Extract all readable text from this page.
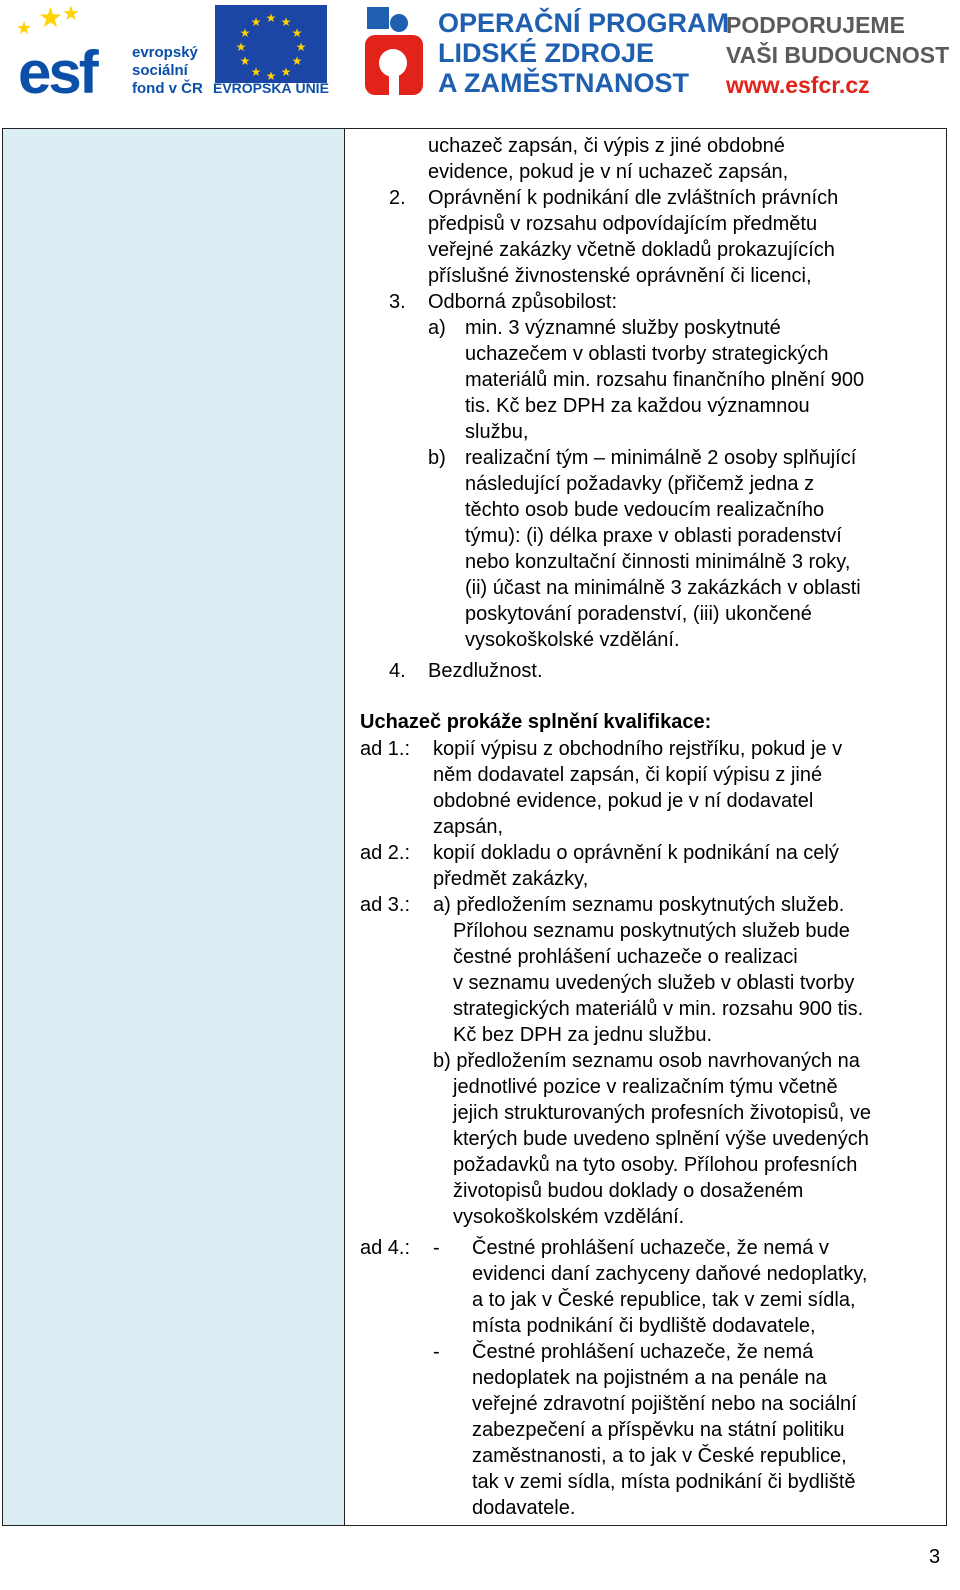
★
★
★
esf evropský
sociální
fond v ČR
★ ★
★
★
★
★
★
★
★
★
★
★
EVROPSKÁ UNIE
OPERAČNÍ PROGRAM
LIDSKÉ ZDROJE
A ZAMĚSTNANOST
PODPORUJEME
VAŠI BUDOUCNOST
www.esfcr.cz
uchazeč zapsán, či výpis z jiné obdobné
evidence, pokud je v ní uchazeč zapsán,
2. Oprávnění k podnikání dle zvláštních právních
předpisů v rozsahu odpovídajícím předmětu
veřejné zakázky včetně dokladů prokazujících
příslušné živnostenské oprávnění či licenci,
3. Odborná způsobilost:
a) min. 3 významné služby poskytnuté
uchazečem v oblasti tvorby strategických
materiálů min. rozsahu finančního plnění 900
tis. Kč bez DPH za každou významnou
službu,
b) realizační tým – minimálně 2 osoby splňující
následující požadavky (přičemž jedna z
těchto osob bude vedoucím realizačního
týmu): (i) délka praxe v oblasti poradenství
nebo konzultační činnosti minimálně 3 roky,
(ii) účast na minimálně 3 zakázkách v oblasti
poskytování poradenství, (iii) ukončené
vysokoškolské vzdělání.
4. Bezdlužnost.
Uchazeč prokáže splnění kvalifikace:
ad 1.: kopií výpisu z obchodního rejstříku, pokud je v
něm dodavatel zapsán, či kopií výpisu z jiné
obdobné evidence, pokud je v ní dodavatel
zapsán,
ad 2.: kopií dokladu o oprávnění k podnikání na celý
předmět zakázky,
ad 3.: a) předložením seznamu poskytnutých služeb.
Přílohou seznamu poskytnutých služeb bude
čestné prohlášení uchazeče o realizaci
v seznamu uvedených služeb v oblasti tvorby
strategických materiálů v min. rozsahu 900 tis.
Kč bez DPH za jednu službu.
b) předložením seznamu osob navrhovaných na
jednotlivé pozice v realizačním týmu včetně
jejich strukturovaných profesních životopisů, ve
kterých bude uvedeno splnění výše uvedených
požadavků na tyto osoby. Přílohou profesních
životopisů budou doklady o dosaženém
vysokoškolském vzdělání.
ad 4.: - Čestné prohlášení uchazeče, že nemá v
evidenci daní zachyceny daňové nedoplatky,
a to jak v České republice, tak v zemi sídla,
místa podnikání či bydliště dodavatele,
- Čestné prohlášení uchazeče, že nemá
nedoplatek na pojistném a na penále na
veřejné zdravotní pojištění nebo na sociální
zabezpečení a příspěvku na státní politiku
zaměstnanosti, a to jak v České republice,
tak v zemi sídla, místa podnikání či bydliště
dodavatele.
3
